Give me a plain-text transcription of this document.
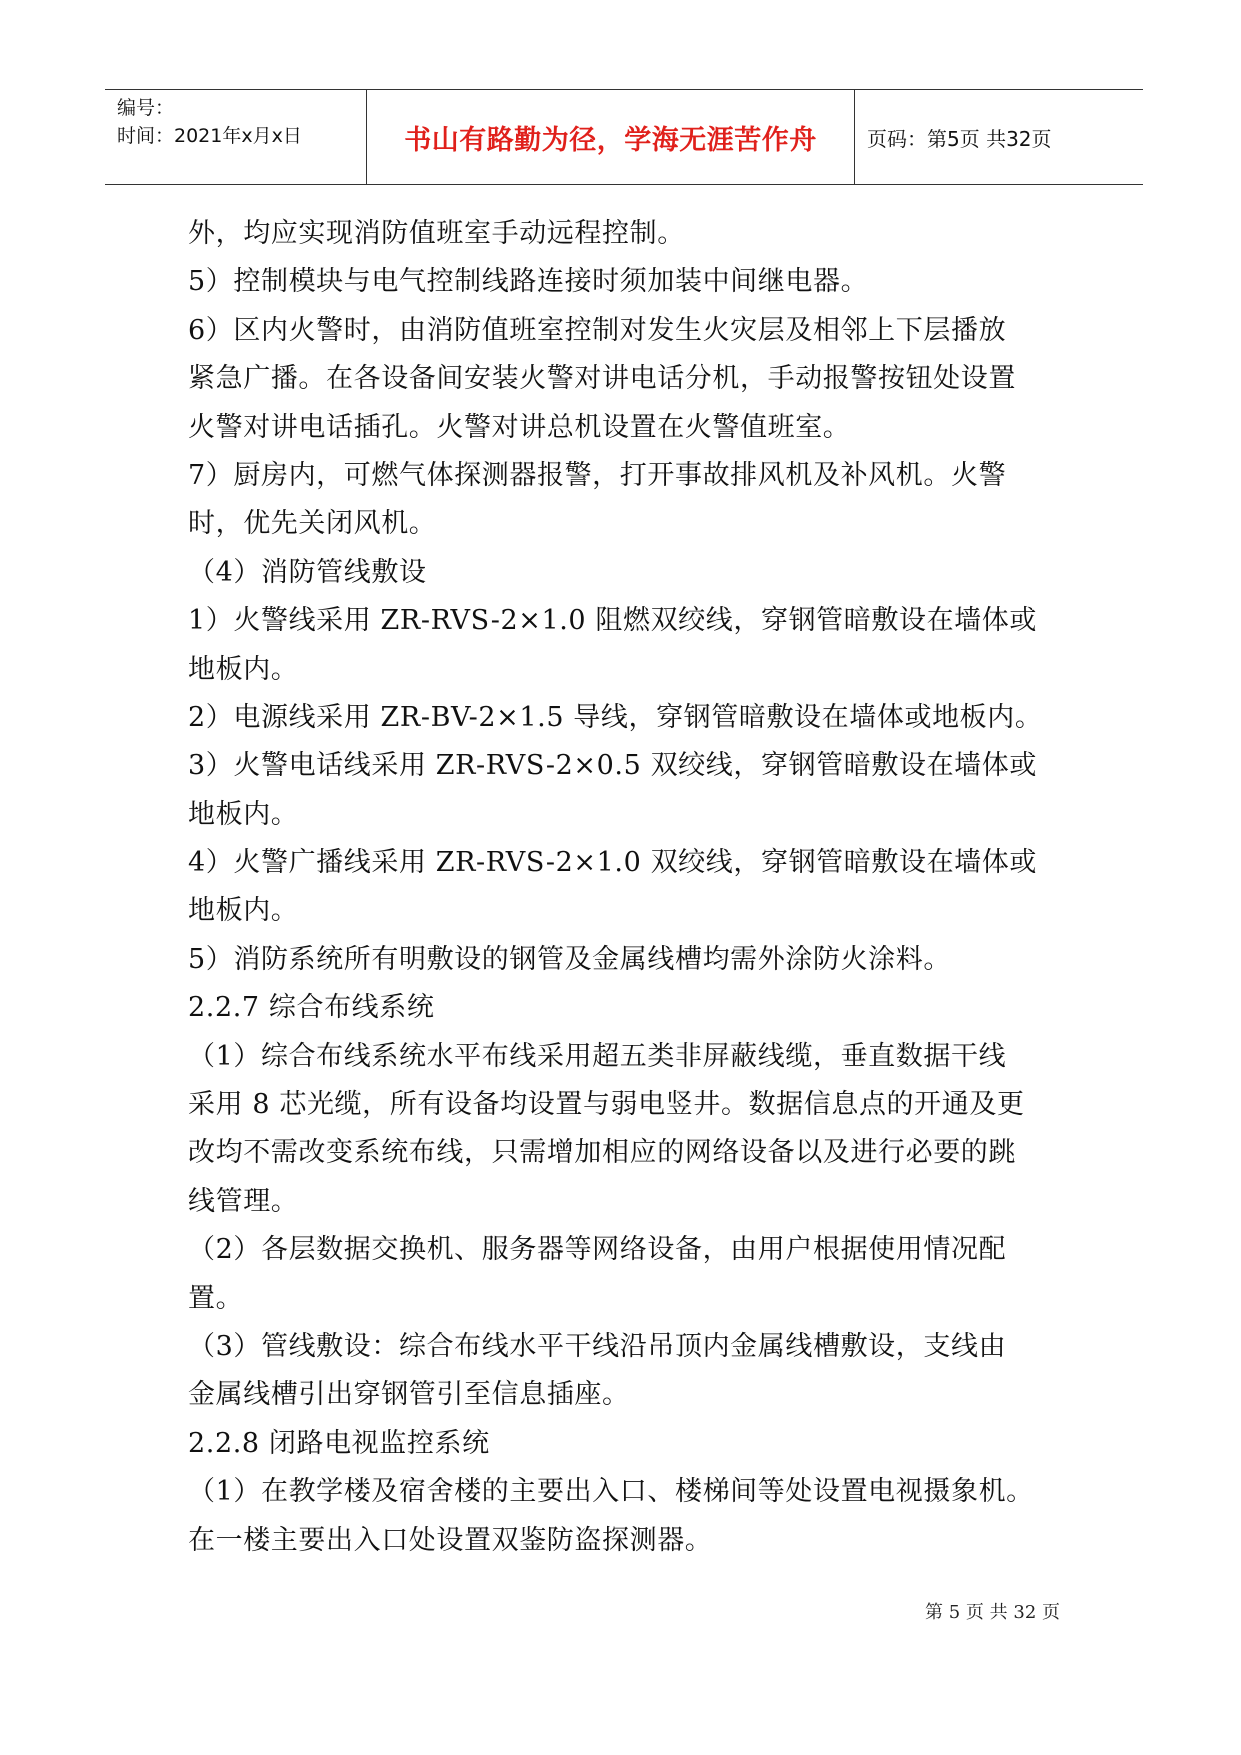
编号：
时间：2021年x月x日	书山有路勤为径，学海无涯苦作舟	页码：第5页 共32页
外，均应实现消防值班室手动远程控制。
5）控制模块与电气控制线路连接时须加装中间继电器。
6）区内火警时，由消防值班室控制对发生火灾层及相邻上下层播放
紧急广播。在各设备间安装火警对讲电话分机，手动报警按钮处设置
火警对讲电话插孔。火警对讲总机设置在火警值班室。
7）厨房内，可燃气体探测器报警，打开事故排风机及补风机。火警
时，优先关闭风机。
（4）消防管线敷设
1）火警线采用 ZR-RVS-2×1.0 阻燃双绞线，穿钢管暗敷设在墙体或
地板内。
2）电源线采用 ZR-BV-2×1.5 导线，穿钢管暗敷设在墙体或地板内。
3）火警电话线采用 ZR-RVS-2×0.5 双绞线，穿钢管暗敷设在墙体或
地板内。
4）火警广播线采用 ZR-RVS-2×1.0 双绞线，穿钢管暗敷设在墙体或
地板内。
5）消防系统所有明敷设的钢管及金属线槽均需外涂防火涂料。
2.2.7 综合布线系统
（1）综合布线系统水平布线采用超五类非屏蔽线缆，垂直数据干线
采用 8 芯光缆，所有设备均设置与弱电竖井。数据信息点的开通及更
改均不需改变系统布线，只需增加相应的网络设备以及进行必要的跳
线管理。
（2）各层数据交换机、服务器等网络设备，由用户根据使用情况配
置。
（3）管线敷设：综合布线水平干线沿吊顶内金属线槽敷设，支线由
金属线槽引出穿钢管引至信息插座。
2.2.8 闭路电视监控系统
（1）在教学楼及宿舍楼的主要出入口、楼梯间等处设置电视摄象机。
在一楼主要出入口处设置双鉴防盗探测器。
第 5 页 共 32 页
